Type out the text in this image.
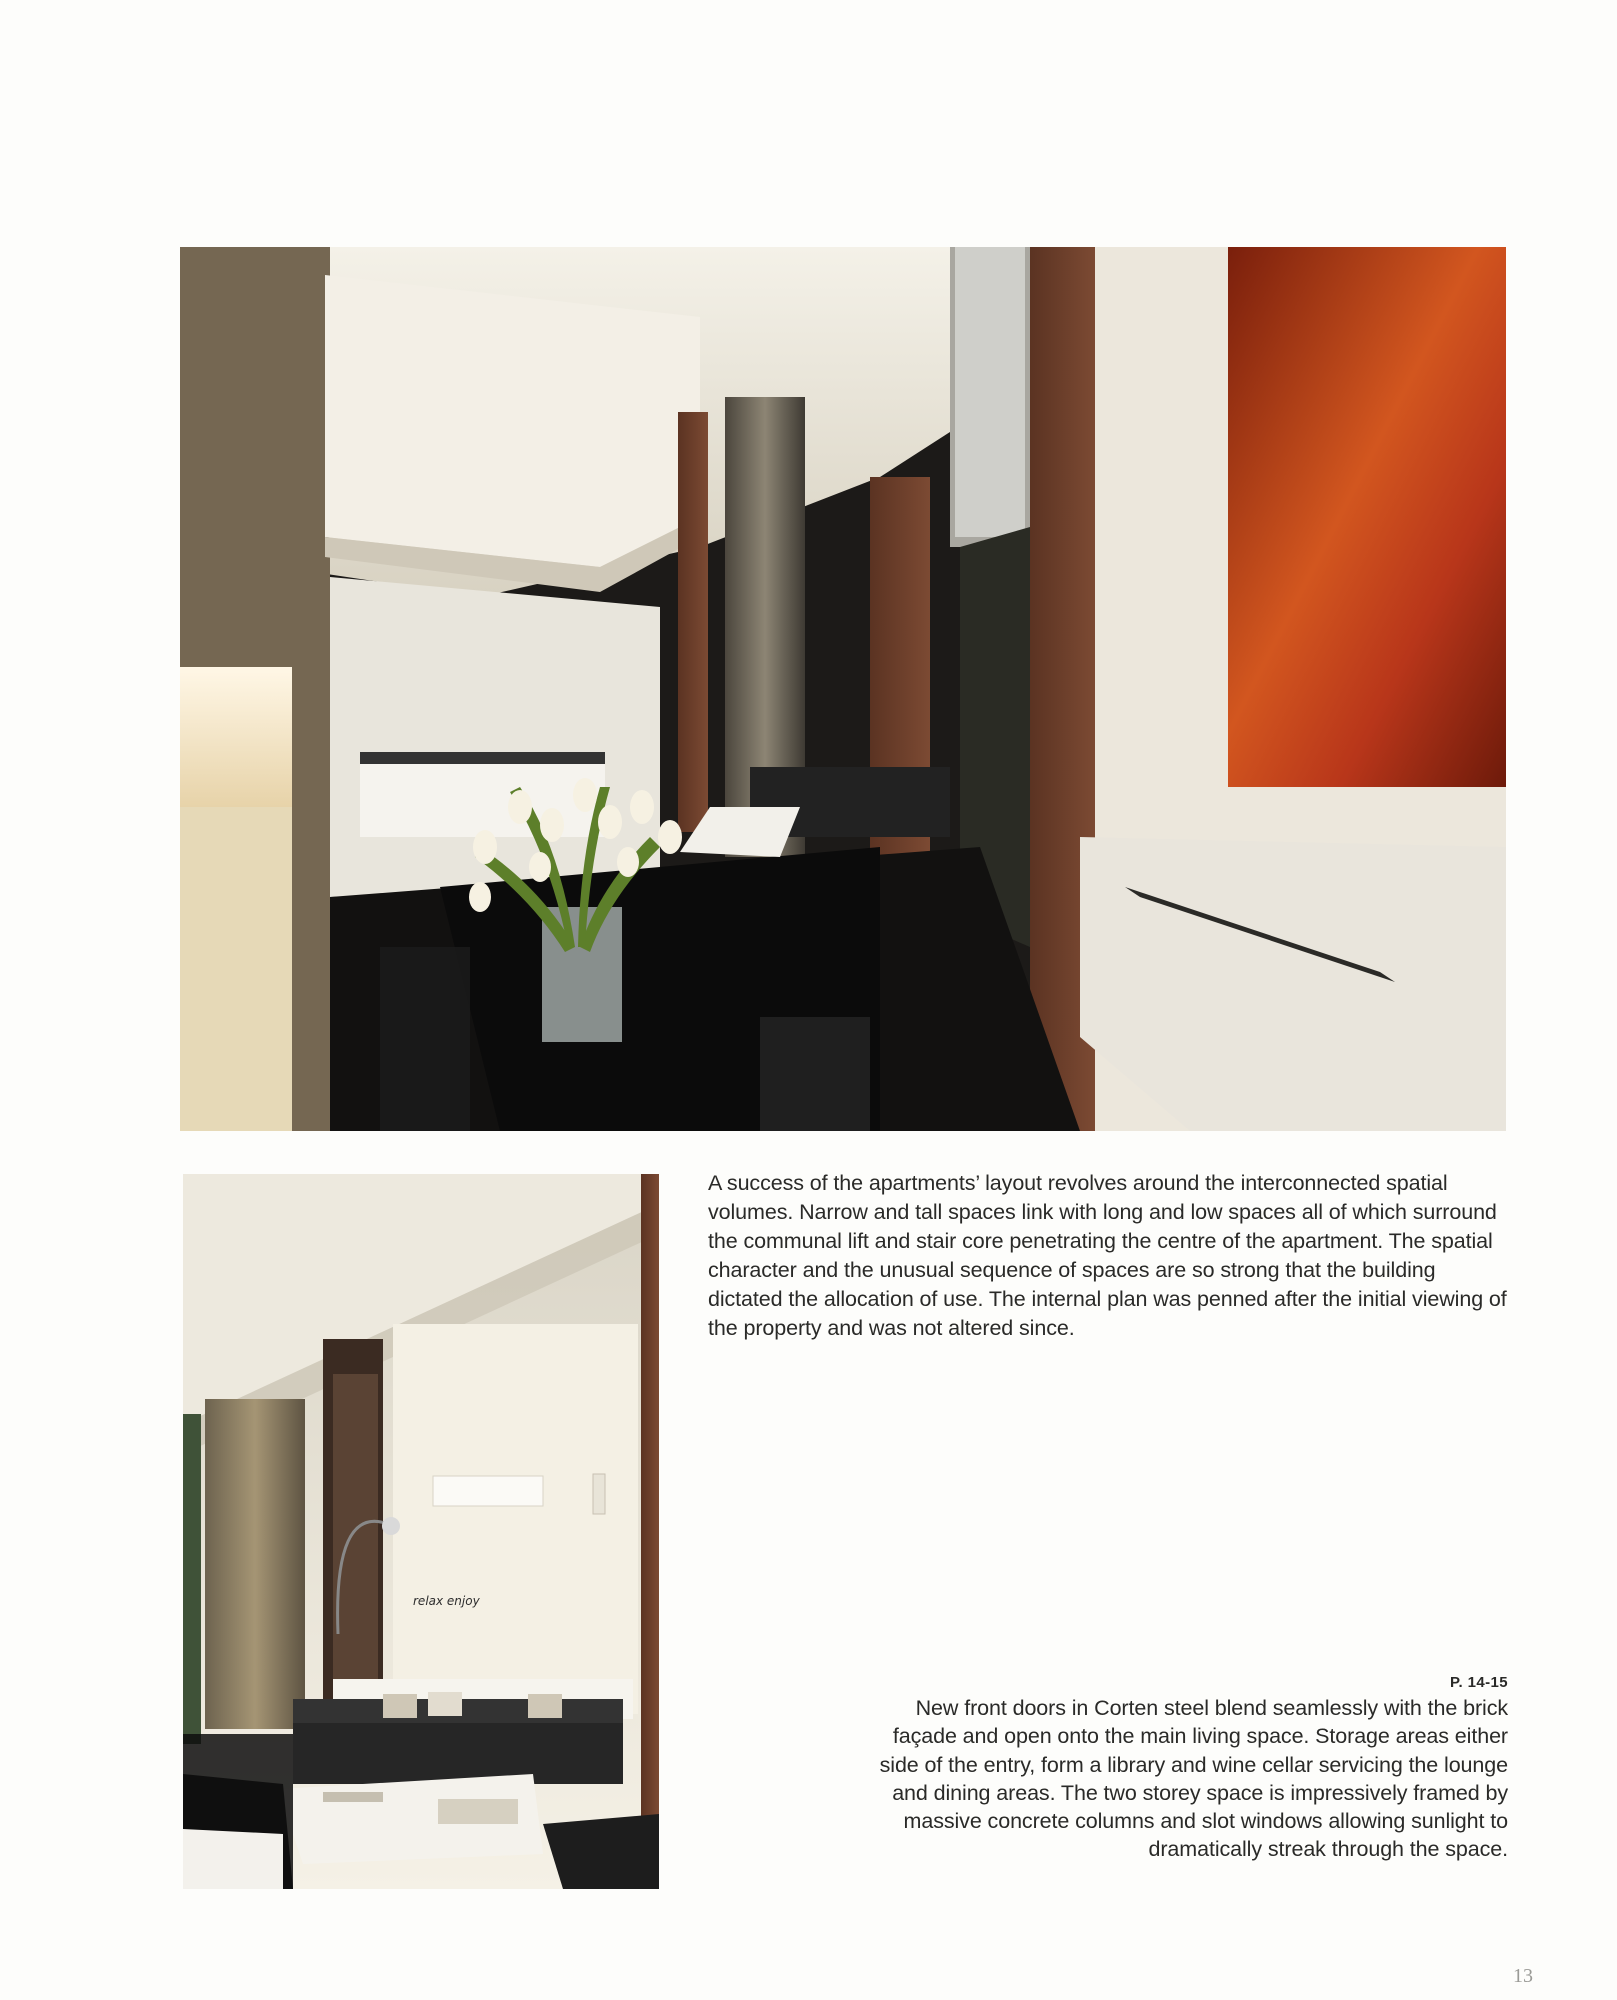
relax enjoy

A success of the apartments’ layout revolves around the interconnected spatial volumes. Narrow and tall spaces link with long and low spaces all of which surround the communal lift and stair core penetrating the centre of the apartment. The spatial character and the unusual sequence of spaces are so strong that the building dictated the allocation of use. The internal plan was penned after the initial viewing of the property and was not altered since.

P. 14-15
New front doors in Corten steel blend seamlessly with the brick façade and open onto the main living space. Storage areas either side of the entry, form a library and wine cellar servicing the lounge and dining areas. The two storey space is impressively framed by massive concrete columns and slot windows allowing sunlight to dramatically streak through the space.
13
